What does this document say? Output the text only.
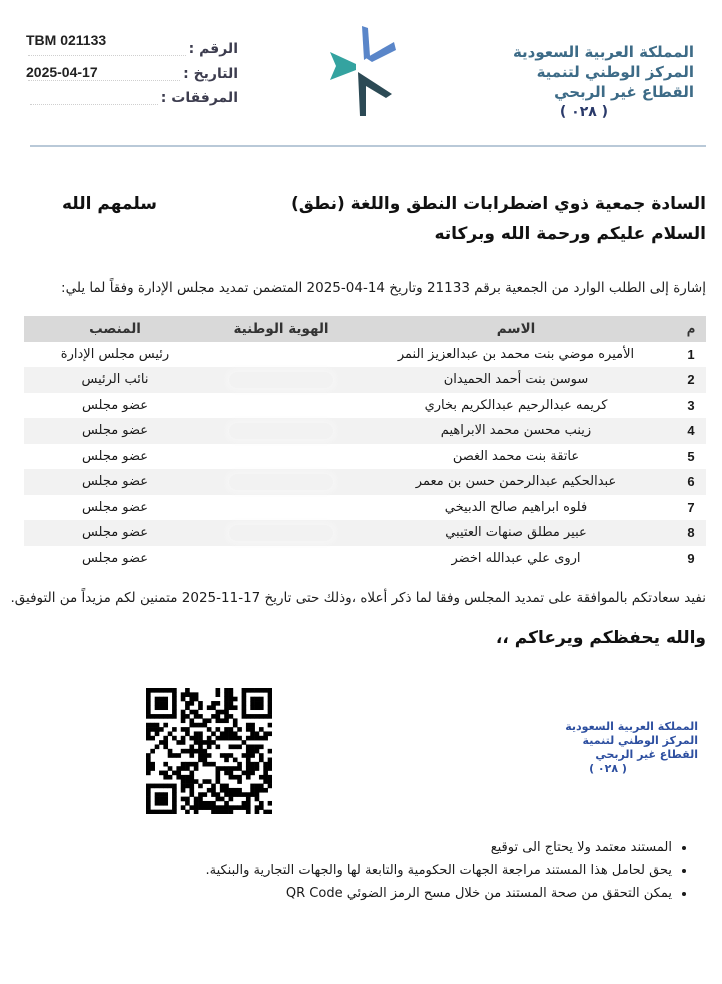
TBM 021133
الرقم :
2025-04-17	التاريخ :
المرفقات :
المملكة العربية السعودية
المركز الوطني لتنمية
القطاع غير الربحي
( ٠٢٨ )
السادة جمعية ذوي اضطرابات النطق واللغة (نطق)
سلمهم الله
السلام عليكم ورحمة الله وبركاته
إشارة إلى الطلب الوارد من الجمعية برقم 21133 وتاريخ 14-04-2025 المتضمن تمديد مجلس الإدارة وفقاً لما يلي:
م	الاسم	الهوية الوطنية	المنصب
1	الأميره موضي بنت محمد بن عبدالعزيز النمر		رئيس مجلس الإدارة
2	سوسن بنت أحمد الحميدان		نائب الرئيس
3	كريمه عبدالرحيم عبدالكريم بخاري		عضو مجلس
4	زينب محسن محمد الابراهيم		عضو مجلس
5	عاتقة بنت محمد الغصن		عضو مجلس
6	عبدالحكيم عبدالرحمن حسن بن معمر		عضو مجلس
7	فلوه ابراهيم صالح الدبيخي		عضو مجلس
8	عبير مطلق صنهات العتيبي		عضو مجلس
9	اروى علي عبدالله اخضر		عضو مجلس
نفيد سعادتكم بالموافقة على تمديد المجلس وفقا لما ذكر أعلاه ،وذلك حتى تاريخ 17-11-2025 متمنين لكم مزيداً من التوفيق.
والله يحفظكم ويرعاكم ،،
المملكة العربية السعودية
المركز الوطني لتنمية
القطاع غير الربحي
( ٠٢٨ )
• المستند معتمد ولا يحتاج الى توقيع
• يحق لحامل هذا المستند مراجعة الجهات الحكومية والتابعة لها والجهات التجارية والبنكية.
• يمكن التحقق من صحة المستند من خلال مسح الرمز الضوئي QR Code
